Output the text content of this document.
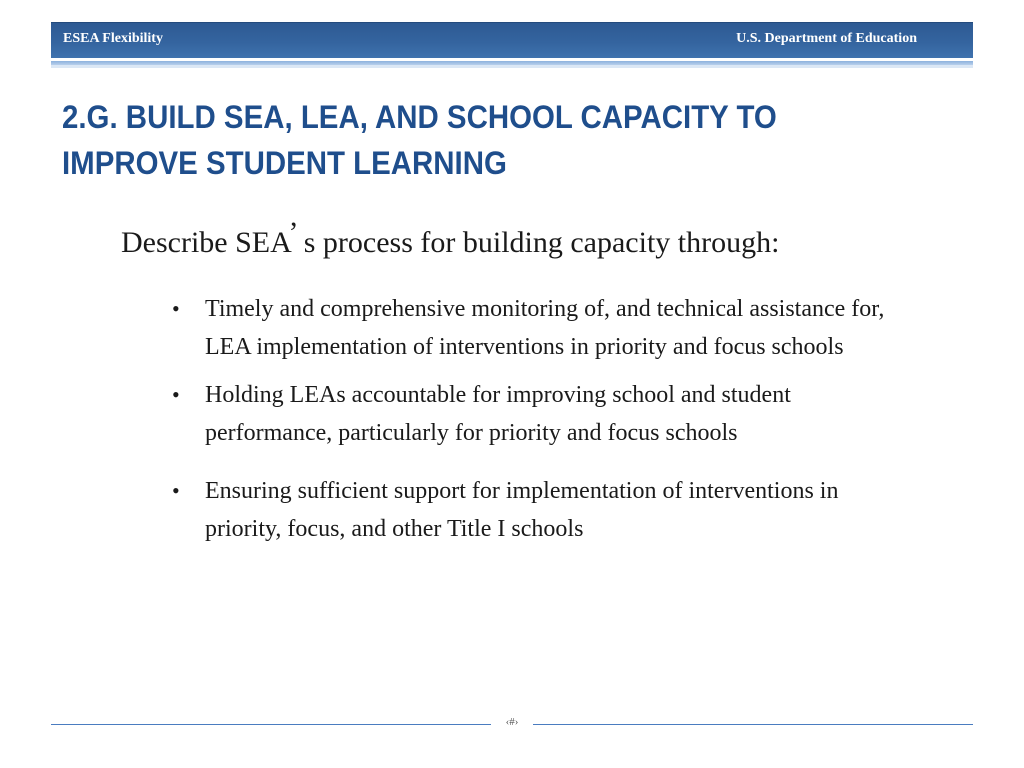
ESEA Flexibility	U.S. Department of Education
2.G. BUILD SEA, LEA, AND SCHOOL CAPACITY TO
IMPROVE STUDENT LEARNING
Describe SEA’ s process for building capacity through:
• Timely and comprehensive monitoring of, and technical assistance for, LEA implementation of interventions in priority and focus schools
• Holding LEAs accountable for improving school and student performance, particularly for priority and focus schools
• Ensuring sufficient support for implementation of interventions in priority, focus, and other Title I schools
‹#›
